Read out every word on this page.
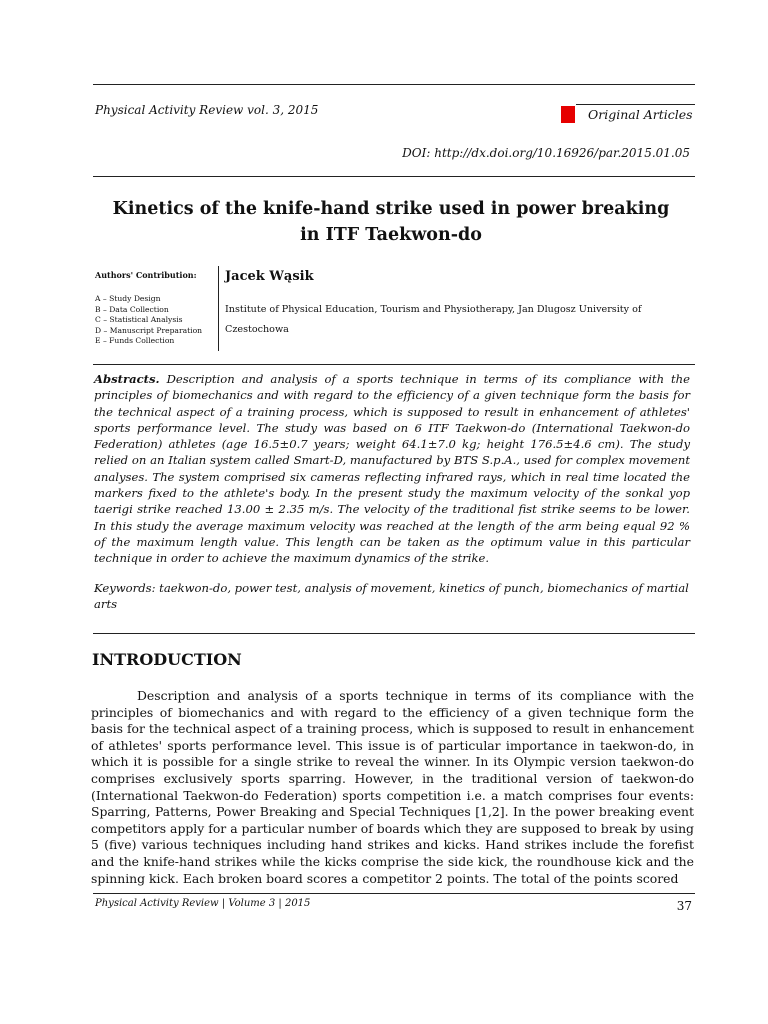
Physical Activity Review vol. 3, 2015	Original Articles
DOI: http://dx.doi.org/10.16926/par.2015.01.05
Kinetics of the knife-hand strike used in power breaking
in ITF Taekwon-do
Authors' Contribution:
A – Study Design
B – Data Collection
C – Statistical Analysis
D – Manuscript Preparation
E – Funds Collection
Jacek Wąsik
Institute of Physical Education, Tourism and Physiotherapy, Jan Dlugosz University of
Czestochowa
Abstracts. Description and analysis of a sports technique in terms of its compliance with the principles of biomechanics and with regard to the efficiency of a given technique form the basis for the technical aspect of a training process, which is supposed to result in enhancement of athletes' sports performance level. The study was based on 6 ITF Taekwon-do (International Taekwon-do Federation) athletes (age 16.5±0.7 years; weight 64.1±7.0 kg; height 176.5±4.6 cm). The study relied on an Italian system called Smart-D, manufactured by BTS S.p.A., used for complex movement analyses. The system comprised six cameras reflecting infrared rays, which in real time located the markers fixed to the athlete's body. In the present study the maximum velocity of the sonkal yop taerigi strike reached 13.00 ± 2.35 m/s. The velocity of the traditional fist strike seems to be lower. In this study the average maximum velocity was reached at the length of the arm being equal 92 % of the maximum length value. This length can be taken as the optimum value in this particular technique in order to achieve the maximum dynamics of the strike.
Keywords: taekwon-do, power test, analysis of movement, kinetics of punch, biomechanics of martial arts
INTRODUCTION
Description and analysis of a sports technique in terms of its compliance with the principles of biomechanics and with regard to the efficiency of a given technique form the basis for the technical aspect of a training process, which is supposed to result in enhancement of athletes' sports performance level. This issue is of particular importance in taekwon-do, in which it is possible for a single strike to reveal the winner. In its Olympic version taekwon-do comprises exclusively sports sparring. However, in the traditional version of taekwon-do (International Taekwon-do Federation) sports competition i.e. a match comprises four events: Sparring, Patterns, Power Breaking and Special Techniques [1,2]. In the power breaking event competitors apply for a particular number of boards which they are supposed to break by using 5 (five) various techniques including hand strikes and kicks. Hand strikes include the forefist and the knife-hand strikes while the kicks comprise the side kick, the roundhouse kick and the spinning kick. Each broken board scores a competitor 2 points. The total of the points scored
Physical Activity Review | Volume 3 | 2015	37
